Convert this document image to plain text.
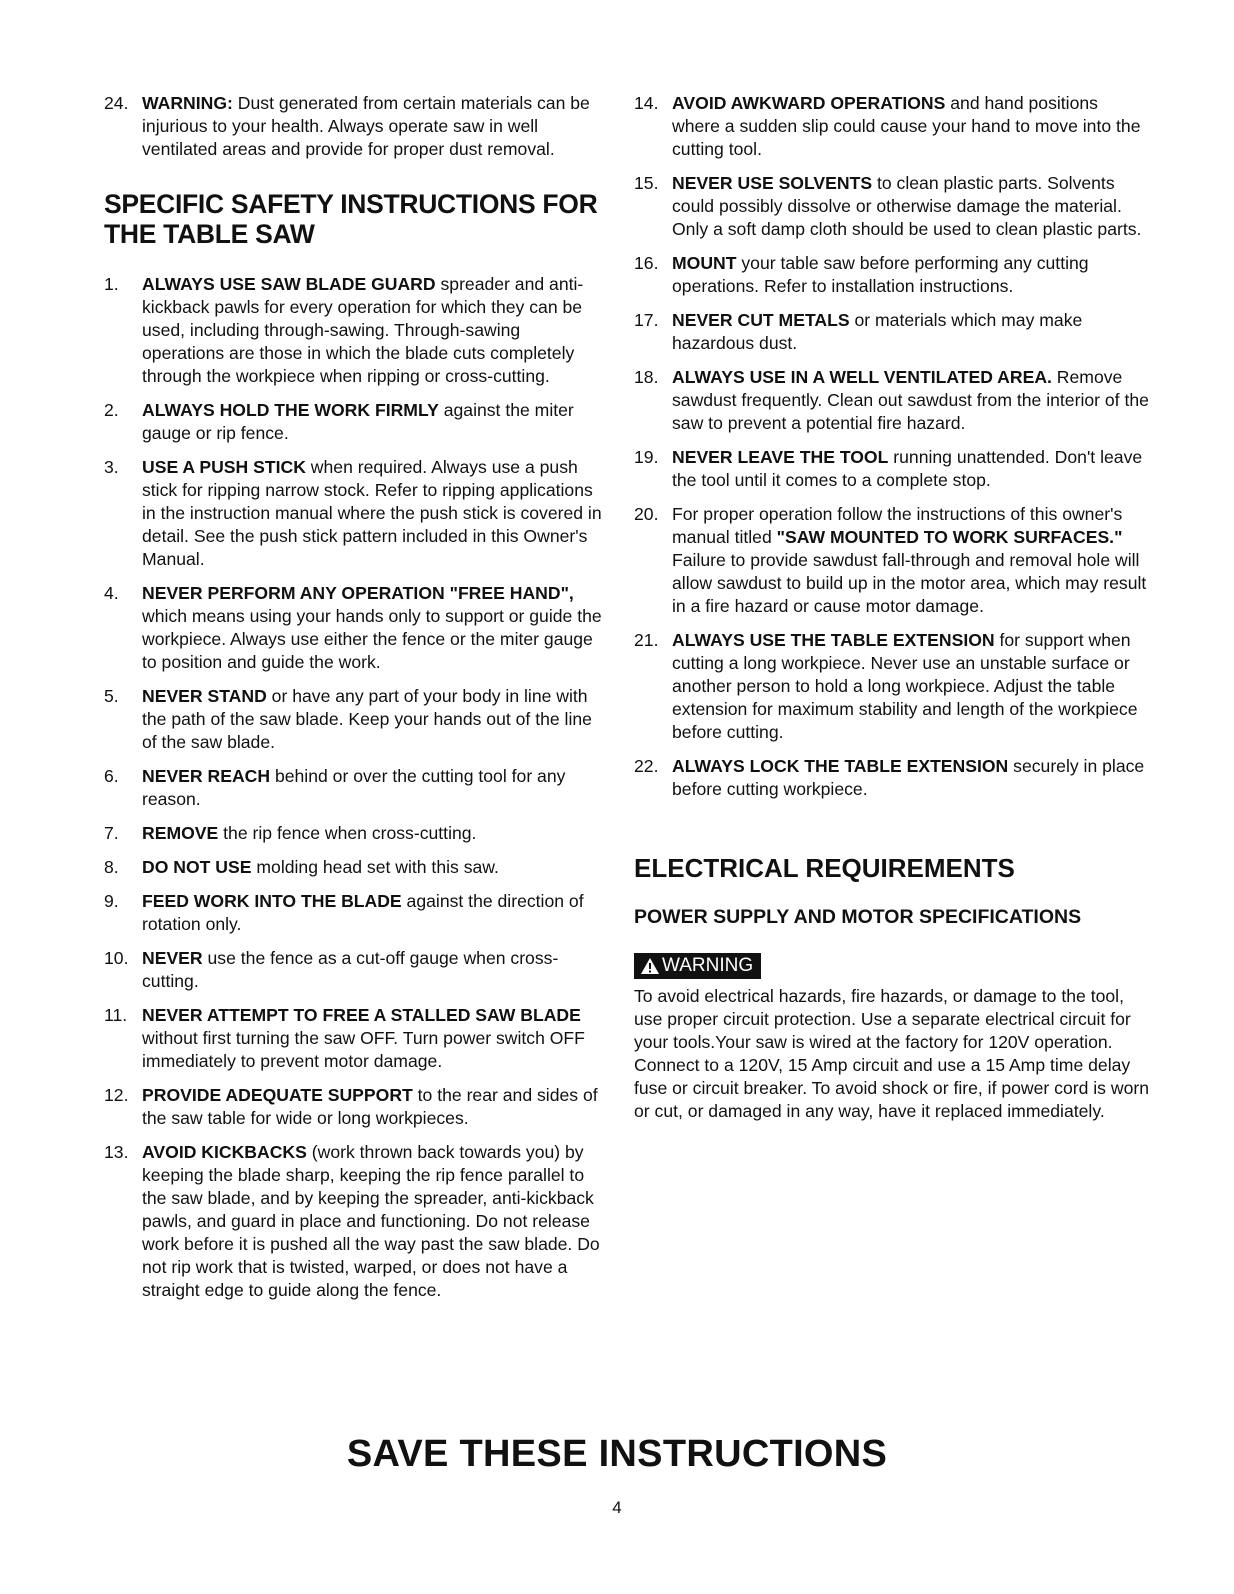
24. WARNING: Dust generated from certain materials can be injurious to your health. Always operate saw in well ventilated areas and provide for proper dust removal.
SPECIFIC SAFETY INSTRUCTIONS FOR THE TABLE SAW
1. ALWAYS USE SAW BLADE GUARD spreader and anti-kickback pawls for every operation for which they can be used, including through-sawing. Through-sawing operations are those in which the blade cuts completely through the workpiece when ripping or cross-cutting.
2. ALWAYS HOLD THE WORK FIRMLY against the miter gauge or rip fence.
3. USE A PUSH STICK when required. Always use a push stick for ripping narrow stock. Refer to ripping applications in the instruction manual where the push stick is covered in detail. See the push stick pattern included in this Owner's Manual.
4. NEVER PERFORM ANY OPERATION "FREE HAND", which means using your hands only to support or guide the workpiece. Always use either the fence or the miter gauge to position and guide the work.
5. NEVER STAND or have any part of your body in line with the path of the saw blade. Keep your hands out of the line of the saw blade.
6. NEVER REACH behind or over the cutting tool for any reason.
7. REMOVE the rip fence when cross-cutting.
8. DO NOT USE molding head set with this saw.
9. FEED WORK INTO THE BLADE against the direction of rotation only.
10. NEVER use the fence as a cut-off gauge when cross-cutting.
11. NEVER ATTEMPT TO FREE A STALLED SAW BLADE without first turning the saw OFF. Turn power switch OFF immediately to prevent motor damage.
12. PROVIDE ADEQUATE SUPPORT to the rear and sides of the saw table for wide or long workpieces.
13. AVOID KICKBACKS (work thrown back towards you) by keeping the blade sharp, keeping the rip fence parallel to the saw blade, and by keeping the spreader, anti-kickback pawls, and guard in place and functioning. Do not release work before it is pushed all the way past the saw blade. Do not rip work that is twisted, warped, or does not have a straight edge to guide along the fence.
14. AVOID AWKWARD OPERATIONS and hand positions where a sudden slip could cause your hand to move into the cutting tool.
15. NEVER USE SOLVENTS to clean plastic parts. Solvents could possibly dissolve or otherwise damage the material. Only a soft damp cloth should be used to clean plastic parts.
16. MOUNT your table saw before performing any cutting operations. Refer to installation instructions.
17. NEVER CUT METALS or materials which may make hazardous dust.
18. ALWAYS USE IN A WELL VENTILATED AREA. Remove sawdust frequently. Clean out sawdust from the interior of the saw to prevent a potential fire hazard.
19. NEVER LEAVE THE TOOL running unattended. Don't leave the tool until it comes to a complete stop.
20. For proper operation follow the instructions of this owner's manual titled "SAW MOUNTED TO WORK SURFACES." Failure to provide sawdust fall-through and removal hole will allow sawdust to build up in the motor area, which may result in a fire hazard or cause motor damage.
21. ALWAYS USE THE TABLE EXTENSION for support when cutting a long workpiece. Never use an unstable surface or another person to hold a long workpiece. Adjust the table extension for maximum stability and length of the workpiece before cutting.
22. ALWAYS LOCK THE TABLE EXTENSION securely in place before cutting workpiece.
ELECTRICAL REQUIREMENTS
POWER SUPPLY AND MOTOR SPECIFICATIONS
WARNING

To avoid electrical hazards, fire hazards, or damage to the tool, use proper circuit protection. Use a separate electrical circuit for your tools.Your saw is wired at the factory for 120V operation. Connect to a 120V, 15 Amp circuit and use a 15 Amp time delay fuse or circuit breaker. To avoid shock or fire, if power cord is worn or cut, or damaged in any way, have it replaced immediately.

SAVE THESE INSTRUCTIONS
4
